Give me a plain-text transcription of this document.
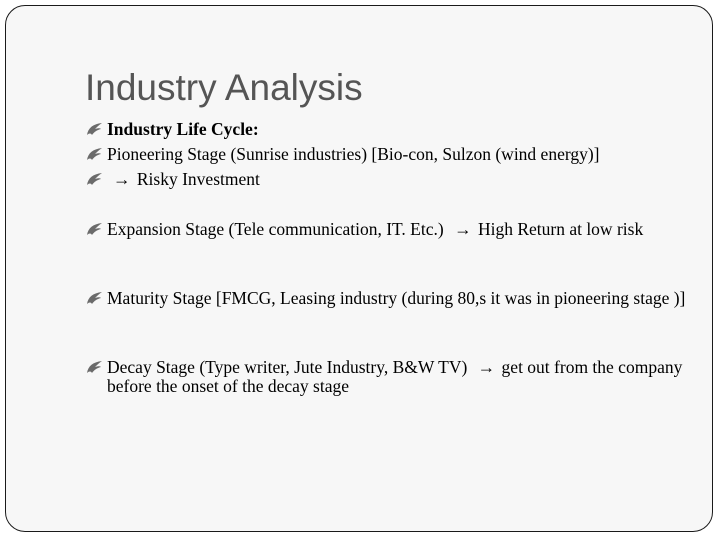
Industry Analysis
Industry Life Cycle:
Pioneering Stage (Sunrise industries) [Bio-con, Sulzon (wind energy)]
→ Risky Investment
Expansion Stage (Tele communication, IT. Etc.) → High Return at low risk
Maturity Stage [FMCG, Leasing industry (during 80,s it was in pioneering stage )]
Decay Stage (Type writer, Jute Industry, B&W TV) → get out from the company before the onset of the decay stage
